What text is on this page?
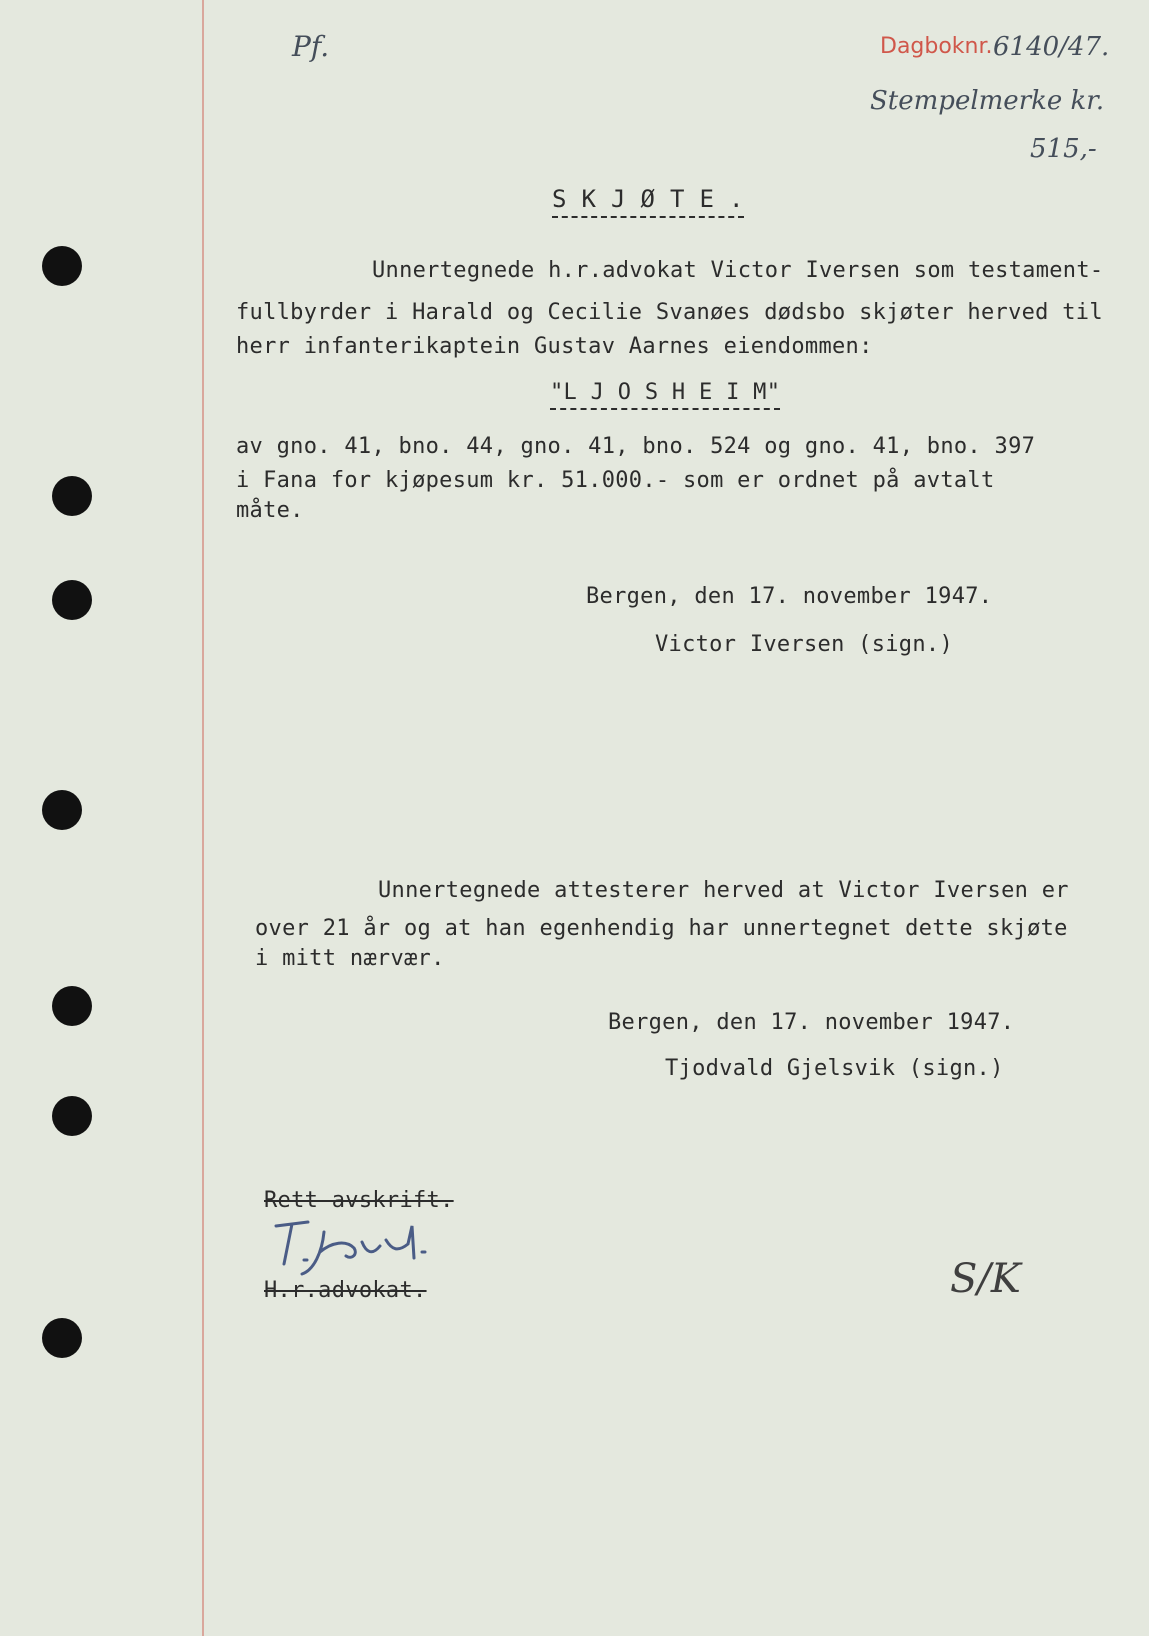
Pf.	Dagboknr. 6140/47.
Stempelmerke kr.
515,-
S K J Ø T E .
Unnertegnede h.r.advokat Victor Iversen som testament-
fullbyrder i Harald og Cecilie Svanøes dødsbo skjøter herved til
herr infanterikaptein Gustav Aarnes eiendommen:
"L J O S H E I M"
av gno. 41, bno. 44, gno. 41, bno. 524 og gno. 41, bno. 397
i Fana for kjøpesum kr. 51.000.- som er ordnet på avtalt
måte.
Bergen, den 17. november 1947.
Victor Iversen (sign.)
Unnertegnede attesterer herved at Victor Iversen er
over 21 år og at han egenhendig har unnertegnet dette skjøte
i mitt nærvær.
Bergen, den 17. november 1947.
Tjodvald Gjelsvik (sign.)
Rett avskrift.
H.r.advokat.	S/K
